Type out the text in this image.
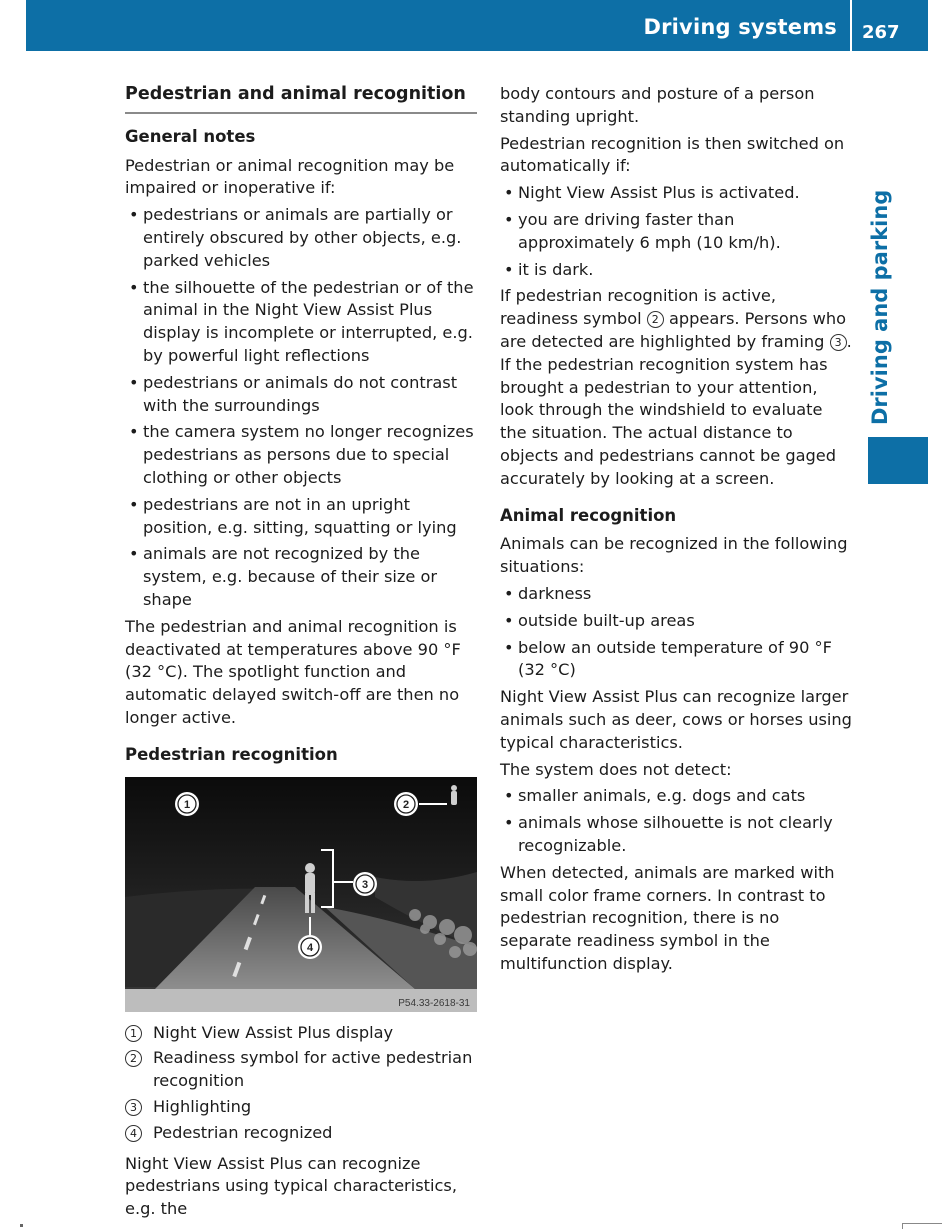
Driving systems 267
Driving and parking
Pedestrian and animal recognition
General notes

Pedestrian or animal recognition may be impaired or inoperative if:

• pedestrians or animals are partially or entirely obscured by other objects, e.g. parked vehicles
• the silhouette of the pedestrian or of the animal in the Night View Assist Plus display is incomplete or interrupted, e.g. by powerful light reflections
• pedestrians or animals do not contrast with the surroundings
• the camera system no longer recognizes pedestrians as persons due to special clothing or other objects
• pedestrians are not in an upright position, e.g. sitting, squatting or lying
• animals are not recognized by the system, e.g. because of their size or shape

The pedestrian and animal recognition is deactivated at temperatures above 90 °F (32 °C). The spotlight function and automatic delayed switch-off are then no longer active.

Pedestrian recognition
P54.33-2618-31
1	2
3
4
1 Night View Assist Plus display
2 Readiness symbol for active pedestrian recognition
3 Highlighting
4 Pedestrian recognized

Night View Assist Plus can recognize pedestrians using typical characteristics, e.g. the

body contours and posture of a person standing upright.

Pedestrian recognition is then switched on automatically if:

• Night View Assist Plus is activated.
• you are driving faster than approximately 6 mph (10 km/h).
• it is dark.

If pedestrian recognition is active, readiness symbol 2 appears. Persons who are detected are highlighted by framing 3 . If the pedestrian recognition system has brought a pedestrian to your attention, look through the windshield to evaluate the situation. The actual distance to objects and pedestrians cannot be gaged accurately by looking at a screen.

Animal recognition

Animals can be recognized in the following situations:

• darkness
• outside built-up areas
• below an outside temperature of 90 °F (32 °C)

Night View Assist Plus can recognize larger animals such as deer, cows or horses using typical characteristics.

The system does not detect:

• smaller animals, e.g. dogs and cats
• animals whose silhouette is not clearly recognizable.

When detected, animals are marked with small color frame corners. In contrast to pedestrian recognition, there is no separate readiness symbol in the multifunction display.
